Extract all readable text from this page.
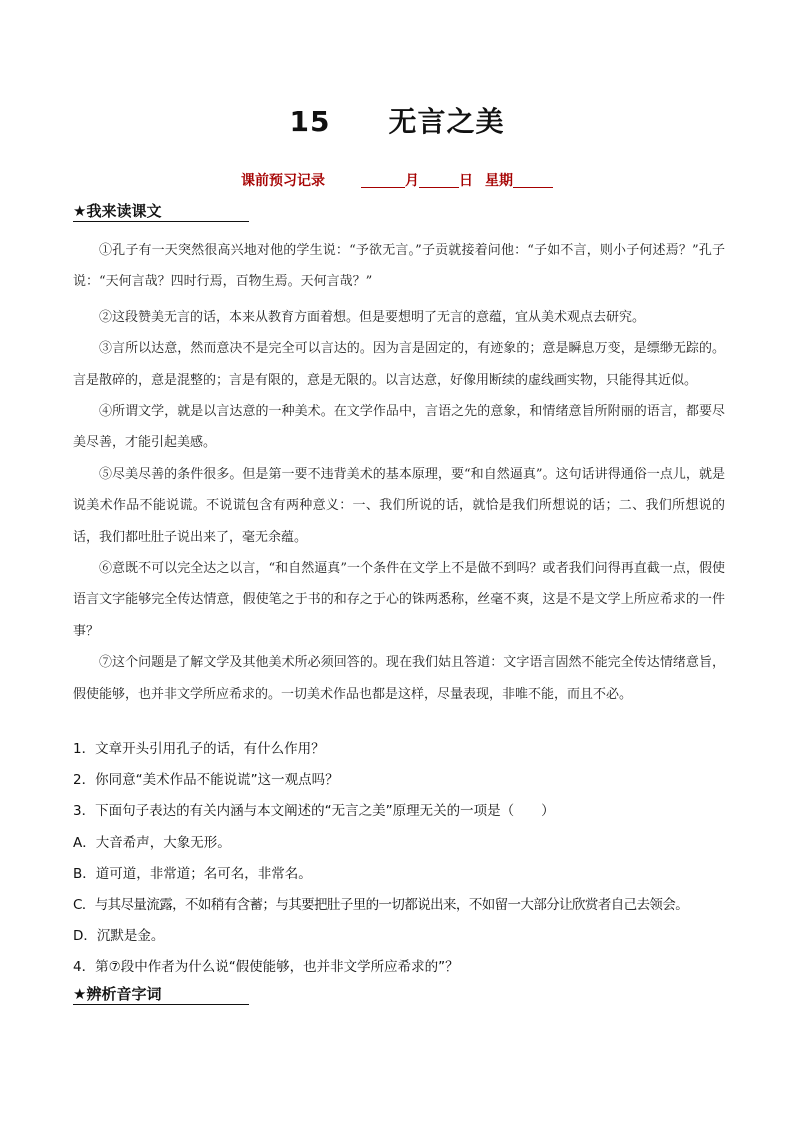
15 无言之美
课前预习记录	月	日 星期
★我来读课文

①孔子有一天突然很高兴地对他的学生说：“予欲无言。”子贡就接着问他：“子如不言，则小子何述焉？”孔子说：“天何言哉？四时行焉，百物生焉。天何言哉？”

②这段赞美无言的话，本来从教育方面着想。但是要想明了无言的意蕴，宜从美术观点去研究。

③言所以达意，然而意决不是完全可以言达的。因为言是固定的，有迹象的；意是瞬息万变，是缥缈无踪的。言是散碎的，意是混整的；言是有限的，意是无限的。以言达意，好像用断续的虚线画实物，只能得其近似。

④所谓文学，就是以言达意的一种美术。在文学作品中，言语之先的意象，和情绪意旨所附丽的语言，都要尽美尽善，才能引起美感。

⑤尽美尽善的条件很多。但是第一要不违背美术的基本原理，要“和自然逼真”。这句话讲得通俗一点儿，就是说美术作品不能说谎。不说谎包含有两种意义：一、我们所说的话，就恰是我们所想说的话；二、我们所想说的话，我们都吐肚子说出来了，毫无余蕴。

⑥意既不可以完全达之以言，“和自然逼真”一个条件在文学上不是做不到吗？或者我们问得再直截一点，假使语言文字能够完全传达情意，假使笔之于书的和存之于心的铢两悉称，丝毫不爽，这是不是文学上所应希求的一件事？

⑦这个问题是了解文学及其他美术所必须回答的。现在我们姑且答道：文字语言固然不能完全传达情绪意旨，假使能够，也并非文学所应希求的。一切美术作品也都是这样，尽量表现，非唯不能，而且不必。

1．文章开头引用孔子的话，有什么作用？
2．你同意“美术作品不能说谎”这一观点吗？
3．下面句子表达的有关内涵与本文阐述的“无言之美”原理无关的一项是（　　）
A．大音希声，大象无形。
B．道可道，非常道；名可名，非常名。
C．与其尽量流露，不如稍有含蓄；与其要把肚子里的一切都说出来，不如留一大部分让欣赏者自己去领会。
D．沉默是金。
4．第⑦段中作者为什么说“假使能够，也并非文学所应希求的”？
★辨析音字词
